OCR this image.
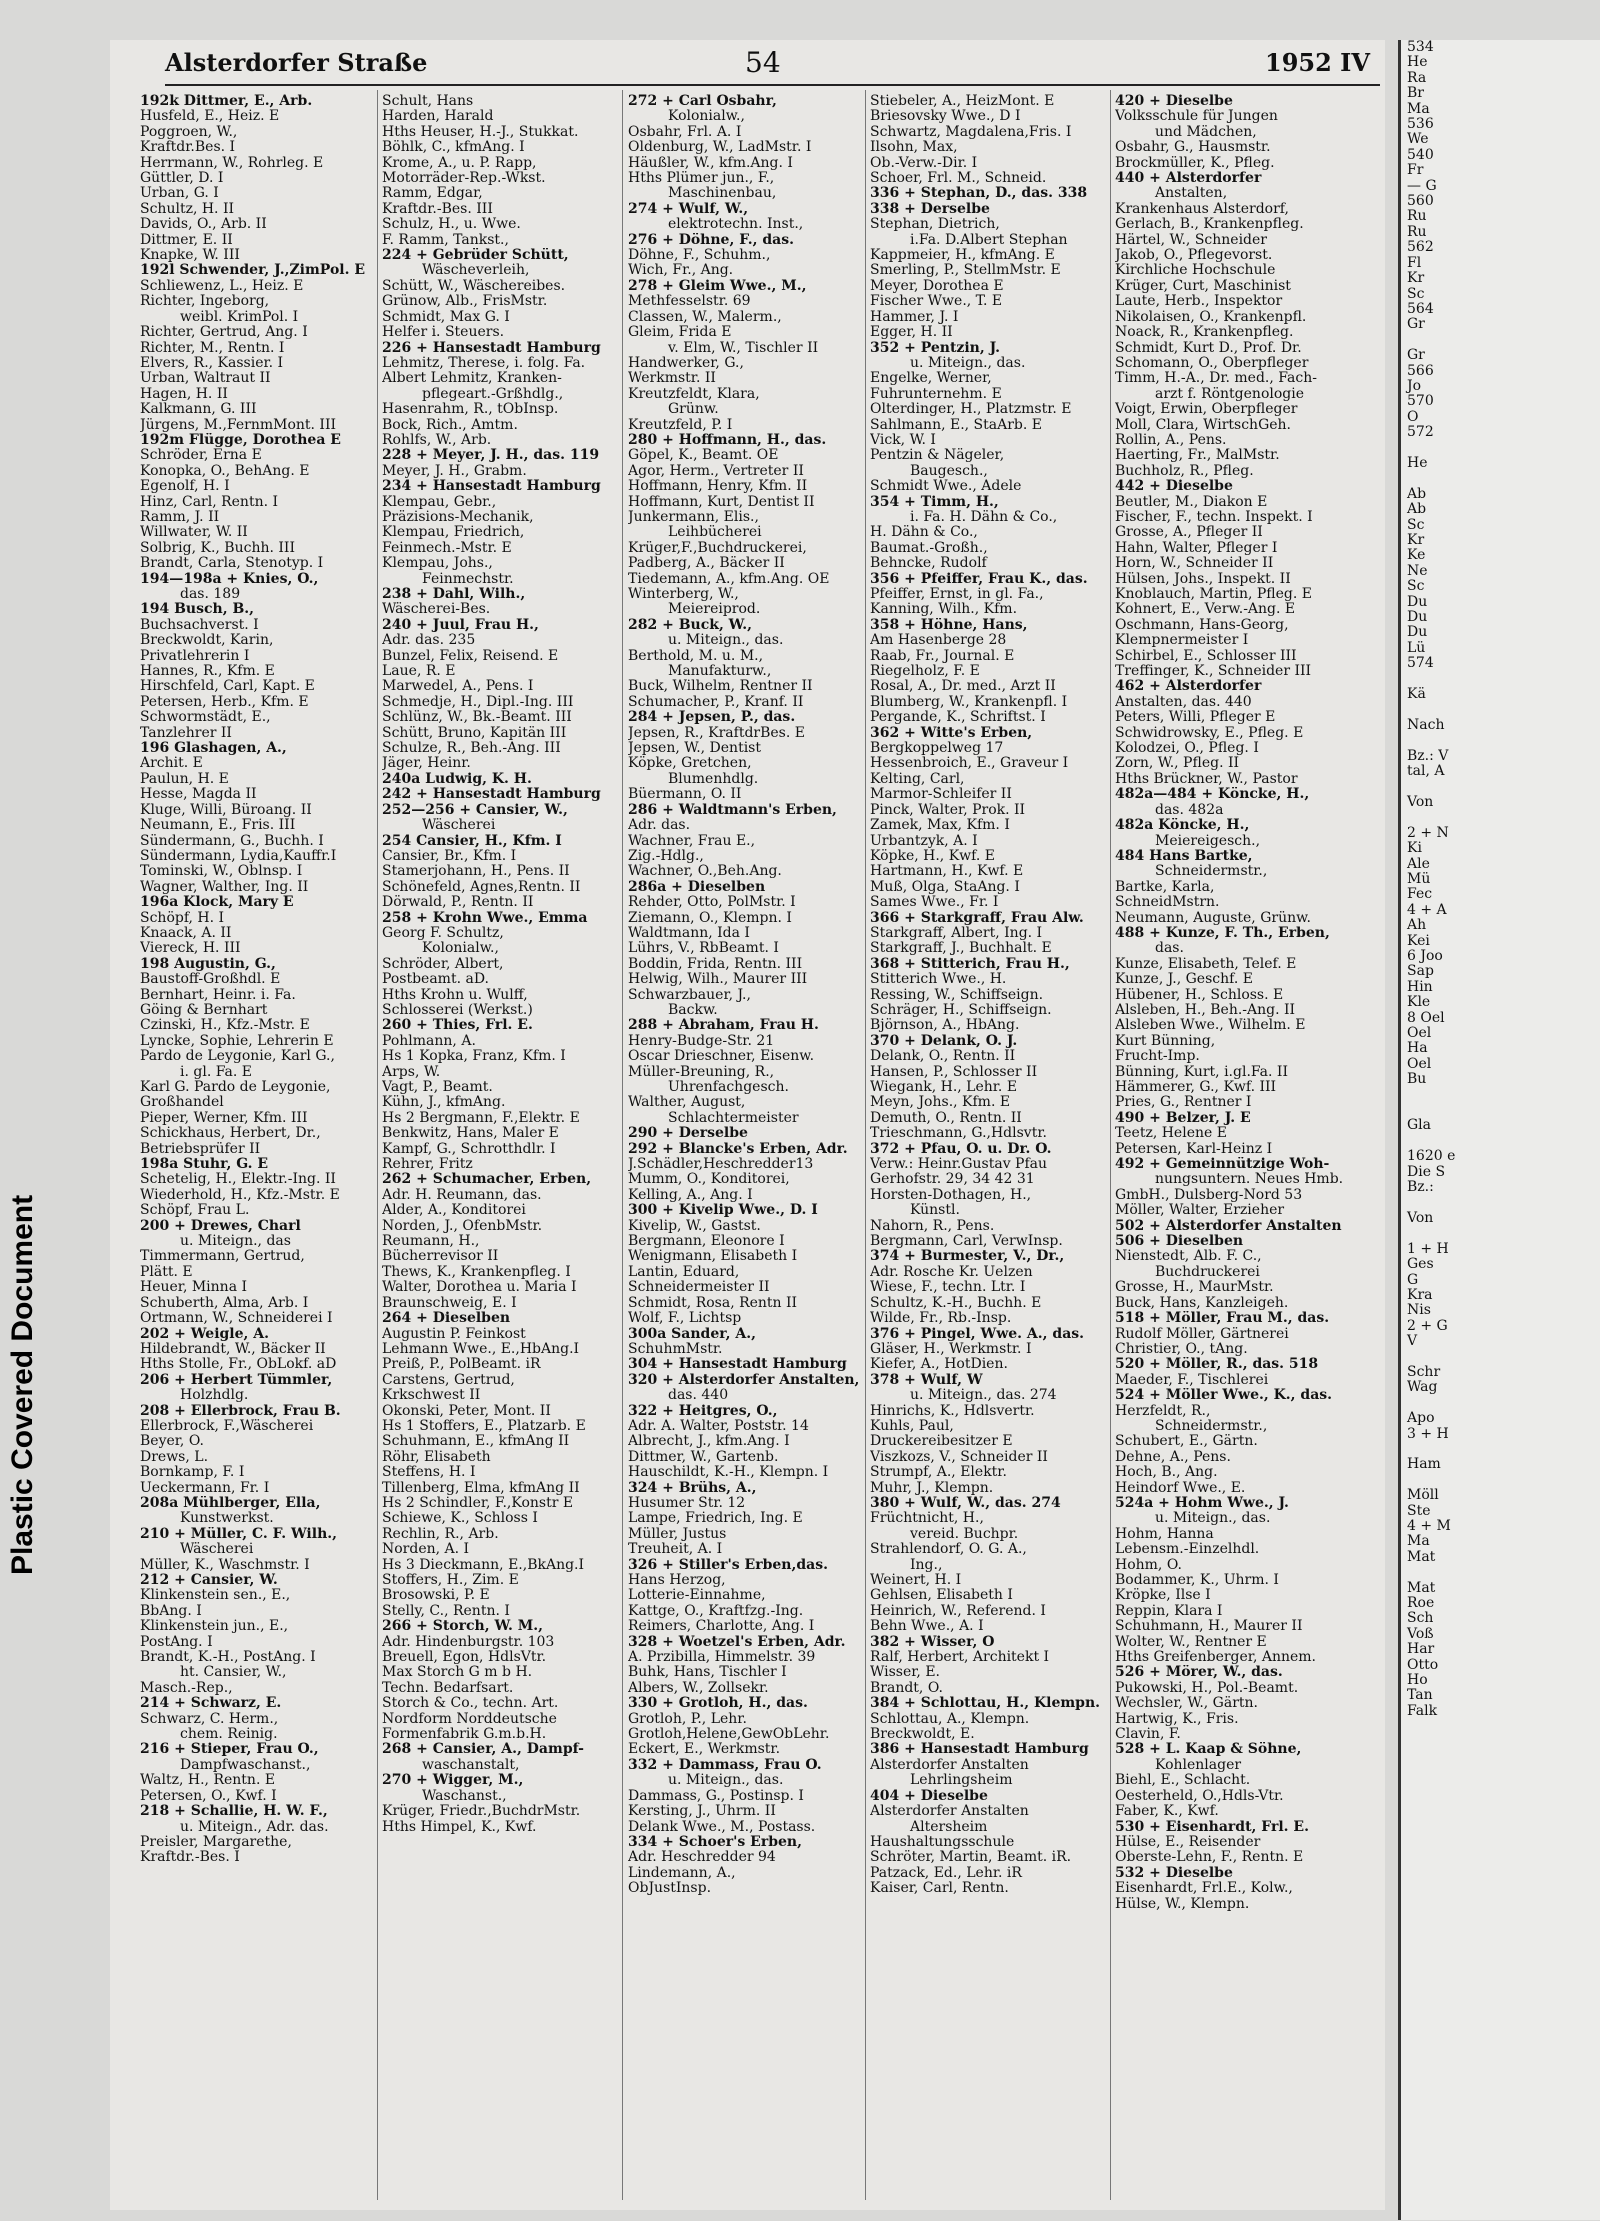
Plastic Covered Document
Alsterdorfer Straße	54	1952 IV
192k Dittmer, E., Arb.
Husfeld, E., Heiz. E
Poggroen, W.,
Kraftdr.Bes. I
Herrmann, W., Rohrleg. E
Güttler, D. I
Urban, G. I
Schultz, H. II
Davids, O., Arb. II
Dittmer, E. II
Knapke, W. III
192l Schwender, J.,ZimPol. E
Schliewenz, L., Heiz. E
Richter, Ingeborg,
weibl. KrimPol. I
Richter, Gertrud, Ang. I
Richter, M., Rentn. I
Elvers, R., Kassier. I
Urban, Waltraut II
Hagen, H. II
Kalkmann, G. III
Jürgens, M.,FernmMont. III
192m Flügge, Dorothea E
Schröder, Erna E
Konopka, O., BehAng. E
Egenolf, H. I
Hinz, Carl, Rentn. I
Ramm, J. II
Willwater, W. II
Solbrig, K., Buchh. III
Brandt, Carla, Stenotyp. I
194—198a + Knies, O.,
das. 189
194 Busch, B.,
Buchsachverst. I
Breckwoldt, Karin,
Privatlehrerin I
Hannes, R., Kfm. E
Hirschfeld, Carl, Kapt. E
Petersen, Herb., Kfm. E
Schwormstädt, E.,
Tanzlehrer II
196 Glashagen, A.,
Archit. E
Paulun, H. E
Hesse, Magda II
Kluge, Willi, Büroang. II
Neumann, E., Fris. III
Sündermann, G., Buchh. I
Sündermann, Lydia,Kauffr.I
Tominski, W., Oblnsp. I
Wagner, Walther, Ing. II
196a Klock, Mary E
Schöpf, H. I
Knaack, A. II
Viereck, H. III
198 Augustin, G.,
Baustoff-Großhdl. E
Bernhart, Heinr. i. Fa.
Göing & Bernhart
Czinski, H., Kfz.-Mstr. E
Lyncke, Sophie, Lehrerin E
Pardo de Leygonie, Karl G.,
i. gl. Fa. E
Karl G. Pardo de Leygonie,
Großhandel
Pieper, Werner, Kfm. III
Schickhaus, Herbert, Dr.,
Betriebsprüfer II
198a Stuhr, G. E
Schetelig, H., Elektr.-Ing. II
Wiederhold, H., Kfz.-Mstr. E
Schöpf, Frau L.
200 + Drewes, Charl
u. Miteign., das
Timmermann, Gertrud,
Plätt. E
Heuer, Minna I
Schuberth, Alma, Arb. I
Ortmann, W., Schneiderei I
202 + Weigle, A.
Hildebrandt, W., Bäcker II
Hths Stolle, Fr., ObLokf. aD
206 + Herbert Tümmler,
Holzhdlg.
208 + Ellerbrock, Frau B.
Ellerbrock, F.,Wäscherei
Beyer, O.
Drews, L.
Bornkamp, F. I
Ueckermann, Fr. I
208a Mühlberger, Ella,
Kunstwerkst.
210 + Müller, C. F. Wilh.,
Wäscherei
Müller, K., Waschmstr. I
212 + Cansier, W.
Klinkenstein sen., E.,
BbAng. I
Klinkenstein jun., E.,
PostAng. I
Brandt, K.-H., PostAng. I
ht. Cansier, W.,
Masch.-Rep.,
214 + Schwarz, E.
Schwarz, C. Herm.,
chem. Reinig.
216 + Stieper, Frau O.,
Dampfwaschanst.,
Waltz, H., Rentn. E
Petersen, O., Kwf. I
218 + Schallie, H. W. F.,
u. Miteign., Adr. das.
Preisler, Margarethe,
Kraftdr.-Bes. I
Schult, Hans
Harden, Harald
Hths Heuser, H.-J., Stukkat.
Böhlk, C., kfmAng. I
Krome, A., u. P. Rapp,
Motorräder-Rep.-Wkst.
Ramm, Edgar,
Kraftdr.-Bes. III
Schulz, H., u. Wwe.
F. Ramm, Tankst.,
224 + Gebrüder Schütt,
Wäscheverleih,
Schütt, W., Wäschereibes.
Grünow, Alb., FrisMstr.
Schmidt, Max G. I
Helfer i. Steuers.
226 + Hansestadt Hamburg
Lehmitz, Therese, i. folg. Fa.
Albert Lehmitz, Kranken-
pflegeart.-Grßhdlg.,
Hasenrahm, R., tObInsp.
Bock, Rich., Amtm.
Rohlfs, W., Arb.
228 + Meyer, J. H., das. 119
Meyer, J. H., Grabm.
234 + Hansestadt Hamburg
Klempau, Gebr.,
Präzisions-Mechanik,
Klempau, Friedrich,
Feinmech.-Mstr. E
Klempau, Johs.,
Feinmechstr.
238 + Dahl, Wilh.,
Wäscherei-Bes.
240 + Juul, Frau H.,
Adr. das. 235
Bunzel, Felix, Reisend. E
Laue, R. E
Marwedel, A., Pens. I
Schmedje, H., Dipl.-Ing. III
Schlünz, W., Bk.-Beamt. III
Schütt, Bruno, Kapitän III
Schulze, R., Beh.-Ang. III
Jäger, Heinr.
240a Ludwig, K. H.
242 + Hansestadt Hamburg
252—256 + Cansier, W.,
Wäscherei
254 Cansier, H., Kfm. I
Cansier, Br., Kfm. I
Stamerjohann, H., Pens. II
Schönefeld, Agnes,Rentn. II
Dörwald, P., Rentn. II
258 + Krohn Wwe., Emma
Georg F. Schultz,
Kolonialw.,
Schröder, Albert,
Postbeamt. aD.
Hths Krohn u. Wulff,
Schlosserei (Werkst.)
260 + Thies, Frl. E.
Pohlmann, A.
Hs 1 Kopka, Franz, Kfm. I
Arps, W.
Vagt, P., Beamt.
Kühn, J., kfmAng.
Hs 2 Bergmann, F.,Elektr. E
Benkwitz, Hans, Maler E
Kampf, G., Schrotthdlr. I
Rehrer, Fritz
262 + Schumacher, Erben,
Adr. H. Reumann, das.
Alder, A., Konditorei
Norden, J., OfenbMstr.
Reumann, H.,
Bücherrevisor II
Thews, K., Krankenpfleg. I
Walter, Dorothea u. Maria I
Braunschweig, E. I
264 + Dieselben
Augustin P. Feinkost
Lehmann Wwe., E.,HbAng.I
Preiß, P., PolBeamt. iR
Carstens, Gertrud,
Krkschwest II
Okonski, Peter, Mont. II
Hs 1 Stoffers, E., Platzarb. E
Schuhmann, E., kfmAng II
Röhr, Elisabeth
Steffens, H. I
Tillenberg, Elma, kfmAng II
Hs 2 Schindler, F.,Konstr E
Schiewe, K., Schloss I
Rechlin, R., Arb.
Norden, A. I
Hs 3 Dieckmann, E.,BkAng.I
Stoffers, H., Zim. E
Brosowski, P. E
Stelly, C., Rentn. I
266 + Storch, W. M.,
Adr. Hindenburgstr. 103
Breuell, Egon, HdlsVtr.
Max Storch G m b H.
Techn. Bedarfsart.
Storch & Co., techn. Art.
Nordform Norddeutsche
Formenfabrik G.m.b.H.
268 + Cansier, A., Dampf-
waschanstalt,
270 + Wigger, M.,
Waschanst.,
Krüger, Friedr.,BuchdrMstr.
Hths Himpel, K., Kwf.
272 + Carl Osbahr,
Kolonialw.,
Osbahr, Frl. A. I
Oldenburg, W., LadMstr. I
Häußler, W., kfm.Ang. I
Hths Plümer jun., F.,
Maschinenbau,
274 + Wulf, W.,
elektrotechn. Inst.,
276 + Döhne, F., das.
Döhne, F., Schuhm.,
Wich, Fr., Ang.
278 + Gleim Wwe., M.,
Methfesselstr. 69
Classen, W., Malerm.,
Gleim, Frida E
v. Elm, W., Tischler II
Handwerker, G.,
Werkmstr. II
Kreutzfeldt, Klara,
Grünw.
Kreutzfeld, P. I
280 + Hoffmann, H., das.
Göpel, K., Beamt. OE
Agor, Herm., Vertreter II
Hoffmann, Henry, Kfm. II
Hoffmann, Kurt, Dentist II
Junkermann, Elis.,
Leihbücherei
Krüger,F.,Buchdruckerei,
Padberg, A., Bäcker II
Tiedemann, A., kfm.Ang. OE
Winterberg, W.,
Meiereiprod.
282 + Buck, W.,
u. Miteign., das.
Berthold, M. u. M.,
Manufakturw.,
Buck, Wilhelm, Rentner II
Schumacher, P., Kranf. II
284 + Jepsen, P., das.
Jepsen, R., KraftdrBes. E
Jepsen, W., Dentist
Köpke, Gretchen,
Blumenhdlg.
Büermann, O. II
286 + Waldtmann's Erben,
Adr. das.
Wachner, Frau E.,
Zig.-Hdlg.,
Wachner, O.,Beh.Ang.
286a + Dieselben
Rehder, Otto, PolMstr. I
Ziemann, O., Klempn. I
Waldtmann, Ida I
Lührs, V., RbBeamt. I
Boddin, Frida, Rentn. III
Helwig, Wilh., Maurer III
Schwarzbauer, J.,
Backw.
288 + Abraham, Frau H.
Henry-Budge-Str. 21
Oscar Drieschner, Eisenw.
Müller-Breuning, R.,
Uhrenfachgesch.
Walther, August,
Schlachtermeister
290 + Derselbe
292 + Blancke's Erben, Adr.
J.Schädler,Heschredder13
Mumm, O., Konditorei,
Kelling, A., Ang. I
300 + Kivelip Wwe., D. I
Kivelip, W., Gastst.
Bergmann, Eleonore I
Wenigmann, Elisabeth I
Lantin, Eduard,
Schneidermeister II
Schmidt, Rosa, Rentn II
Wolf, F., Lichtsp
300a Sander, A.,
SchuhmMstr.
304 + Hansestadt Hamburg
320 + Alsterdorfer Anstalten,
das. 440
322 + Heitgres, O.,
Adr. A. Walter, Poststr. 14
Albrecht, J., kfm.Ang. I
Dittmer, W., Gartenb.
Hauschildt, K.-H., Klempn. I
324 + Brühs, A.,
Husumer Str. 12
Lampe, Friedrich, Ing. E
Müller, Justus
Treuheit, A. I
326 + Stiller's Erben,das.
Hans Herzog,
Lotterie-Einnahme,
Kattge, O., Kraftfzg.-Ing.
Reimers, Charlotte, Ang. I
328 + Woetzel's Erben, Adr.
A. Przibilla, Himmelstr. 39
Buhk, Hans, Tischler I
Albers, W., Zollsekr.
330 + Grotloh, H., das.
Grotloh, P., Lehr.
Grotloh,Helene,GewObLehr.
Eckert, E., Werkmstr.
332 + Dammass, Frau O.
u. Miteign., das.
Dammass, G., Postinsp. I
Kersting, J., Uhrm. II
Delank Wwe., M., Postass.
334 + Schoer's Erben,
Adr. Heschredder 94
Lindemann, A.,
ObJustInsp.
Stiebeler, A., HeizMont. E
Briesovsky Wwe., D I
Schwartz, Magdalena,Fris. I
Ilsohn, Max,
Ob.-Verw.-Dir. I
Schoer, Frl. M., Schneid.
336 + Stephan, D., das. 338
338 + Derselbe
Stephan, Dietrich,
i.Fa. D.Albert Stephan
Kappmeier, H., kfmAng. E
Smerling, P., StellmMstr. E
Meyer, Dorothea E
Fischer Wwe., T. E
Hammer, J. I
Egger, H. II
352 + Pentzin, J.
u. Miteign., das.
Engelke, Werner,
Fuhrunternehm. E
Olterdinger, H., Platzmstr. E
Sahlmann, E., StaArb. E
Vick, W. I
Pentzin & Nägeler,
Baugesch.,
Schmidt Wwe., Adele
354 + Timm, H.,
i. Fa. H. Dähn & Co.,
H. Dähn & Co.,
Baumat.-Großh.,
Behncke, Rudolf
356 + Pfeiffer, Frau K., das.
Pfeiffer, Ernst, in gl. Fa.,
Kanning, Wilh., Kfm.
358 + Höhne, Hans,
Am Hasenberge 28
Raab, Fr., Journal. E
Riegelholz, F. E
Rosal, A., Dr. med., Arzt II
Blumberg, W., Krankenpfl. I
Pergande, K., Schriftst. I
362 + Witte's Erben,
Bergkoppelweg 17
Hessenbroich, E., Graveur I
Kelting, Carl,
Marmor-Schleifer II
Pinck, Walter, Prok. II
Zamek, Max, Kfm. I
Urbantzyk, A. I
Köpke, H., Kwf. E
Hartmann, H., Kwf. E
Muß, Olga, StaAng. I
Sames Wwe., Fr. I
366 + Starkgraff, Frau Alw.
Starkgraff, Albert, Ing. I
Starkgraff, J., Buchhalt. E
368 + Stitterich, Frau H.,
Stitterich Wwe., H.
Ressing, W., Schiffseign.
Schräger, H., Schiffseign.
Björnson, A., HbAng.
370 + Delank, O. J.
Delank, O., Rentn. II
Hansen, P., Schlosser II
Wiegank, H., Lehr. E
Meyn, Johs., Kfm. E
Demuth, O., Rentn. II
Trieschmann, G.,Hdlsvtr.
372 + Pfau, O. u. Dr. O.
Verw.: Heinr.Gustav Pfau
Gerhofstr. 29, 34 42 31
Horsten-Dothagen, H.,
Künstl.
Nahorn, R., Pens.
Bergmann, Carl, VerwInsp.
374 + Burmester, V., Dr.,
Adr. Rosche Kr. Uelzen
Wiese, F., techn. Ltr. I
Schultz, K.-H., Buchh. E
Wilde, Fr., Rb.-Insp.
376 + Pingel, Wwe. A., das.
Gläser, H., Werkmstr. I
Kiefer, A., HotDien.
378 + Wulf, W
u. Miteign., das. 274
Hinrichs, K., Hdlsvertr.
Kuhls, Paul,
Druckereibesitzer E
Viszkozs, V., Schneider II
Strumpf, A., Elektr.
Muhr, J., Klempn.
380 + Wulf, W., das. 274
Früchtnicht, H.,
vereid. Buchpr.
Strahlendorf, O. G. A.,
Ing.,
Weinert, H. I
Gehlsen, Elisabeth I
Heinrich, W., Referend. I
Behn Wwe., A. I
382 + Wisser, O
Ralf, Herbert, Architekt I
Wisser, E.
Brandt, O.
384 + Schlottau, H., Klempn.
Schlottau, A., Klempn.
Breckwoldt, E.
386 + Hansestadt Hamburg
Alsterdorfer Anstalten
Lehrlingsheim
404 + Dieselbe
Alsterdorfer Anstalten
Altersheim
Haushaltungsschule
Schröter, Martin, Beamt. iR.
Patzack, Ed., Lehr. iR
Kaiser, Carl, Rentn.
420 + Dieselbe
Volksschule für Jungen
und Mädchen,
Osbahr, G., Hausmstr.
Brockmüller, K., Pfleg.
440 + Alsterdorfer
Anstalten,
Krankenhaus Alsterdorf,
Gerlach, B., Krankenpfleg.
Härtel, W., Schneider
Jakob, O., Pflegevorst.
Kirchliche Hochschule
Krüger, Curt, Maschinist
Laute, Herb., Inspektor
Nikolaisen, O., Krankenpfl.
Noack, R., Krankenpfleg.
Schmidt, Kurt D., Prof. Dr.
Schomann, O., Oberpfleger
Timm, H.-A., Dr. med., Fach-
arzt f. Röntgenologie
Voigt, Erwin, Oberpfleger
Moll, Clara, WirtschGeh.
Rollin, A., Pens.
Haerting, Fr., MalMstr.
Buchholz, R., Pfleg.
442 + Dieselbe
Beutler, M., Diakon E
Fischer, F., techn. Inspekt. I
Grosse, A., Pfleger II
Hahn, Walter, Pfleger I
Horn, W., Schneider II
Hülsen, Johs., Inspekt. II
Knoblauch, Martin, Pfleg. E
Kohnert, E., Verw.-Ang. E
Oschmann, Hans-Georg,
Klempnermeister I
Schirbel, E., Schlosser III
Treffinger, K., Schneider III
462 + Alsterdorfer
Anstalten, das. 440
Peters, Willi, Pfleger E
Schwidrowsky, E., Pfleg. E
Kolodzei, O., Pfleg. I
Zorn, W., Pfleg. II
Hths Brückner, W., Pastor
482a—484 + Köncke, H.,
das. 482a
482a Köncke, H.,
Meiereigesch.,
484 Hans Bartke,
Schneidermstr.,
Bartke, Karla,
SchneidMstrn.
Neumann, Auguste, Grünw.
488 + Kunze, F. Th., Erben,
das.
Kunze, Elisabeth, Telef. E
Kunze, J., Geschf. E
Hübener, H., Schloss. E
Alsleben, H., Beh.-Ang. II
Alsleben Wwe., Wilhelm. E
Kurt Bünning,
Frucht-Imp.
Bünning, Kurt, i.gl.Fa. II
Hämmerer, G., Kwf. III
Pries, G., Rentner I
490 + Belzer, J. E
Teetz, Helene E
Petersen, Karl-Heinz I
492 + Gemeinnützige Woh-
nungsuntern. Neues Hmb.
GmbH., Dulsberg-Nord 53
Möller, Walter, Erzieher
502 + Alsterdorfer Anstalten
506 + Dieselben
Nienstedt, Alb. F. C.,
Buchdruckerei
Grosse, H., MaurMstr.
Buck, Hans, Kanzleigeh.
518 + Möller, Frau M., das.
Rudolf Möller, Gärtnerei
Christier, O., tAng.
520 + Möller, R., das. 518
Maeder, F., Tischlerei
524 + Möller Wwe., K., das.
Herzfeldt, R.,
Schneidermstr.,
Schubert, E., Gärtn.
Dehne, A., Pens.
Hoch, B., Ang.
Heindorf Wwe., E.
524a + Hohm Wwe., J.
u. Miteign., das.
Hohm, Hanna
Lebensm.-Einzelhdl.
Hohm, O.
Bodammer, K., Uhrm. I
Kröpke, Ilse I
Reppin, Klara I
Schuhmann, H., Maurer II
Wolter, W., Rentner E
Hths Greifenberger, Annem.
526 + Mörer, W., das.
Pukowski, H., Pol.-Beamt.
Wechsler, W., Gärtn.
Hartwig, K., Fris.
Clavin, F.
528 + L. Kaap & Söhne,
Kohlenlager
Biehl, E., Schlacht.
Oesterheld, O.,Hdls-Vtr.
Faber, K., Kwf.
530 + Eisenhardt, Frl. E.
Hülse, E., Reisender
Oberste-Lehn, F., Rentn. E
532 + Dieselbe
Eisenhardt, Frl.E., Kolw.,
Hülse, W., Klempn.
534
He
Ra
Br
Ma
536
We
540
Fr
— G
560
Ru
Ru
562
Fl
Kr
Sc
564
Gr

Gr
566
Jo
570
O
572

He

Ab
Ab
Sc
Kr
Ke
Ne
Sc
Du
Du
Du
Lü
574

Kä

Nach

Bz.: V
tal, A

Von

2 + N
Ki
Ale
Mü
Fec
4 + A
Ah
Kei
6 Joo
Sap
Hin
Kle
8 Oel
Oel
Ha
Oel
Bu

Gla

1620 e
Die S
Bz.:

Von

1 + H
Ges
G
Kra
Nis
2 + G
V

Schr
Wag

Apo
3 + H

Ham

Möll
Ste
4 + M
Ma
Mat

Mat
Roe
Sch
Voß
Har
Otto
Ho
Tan
Falk
